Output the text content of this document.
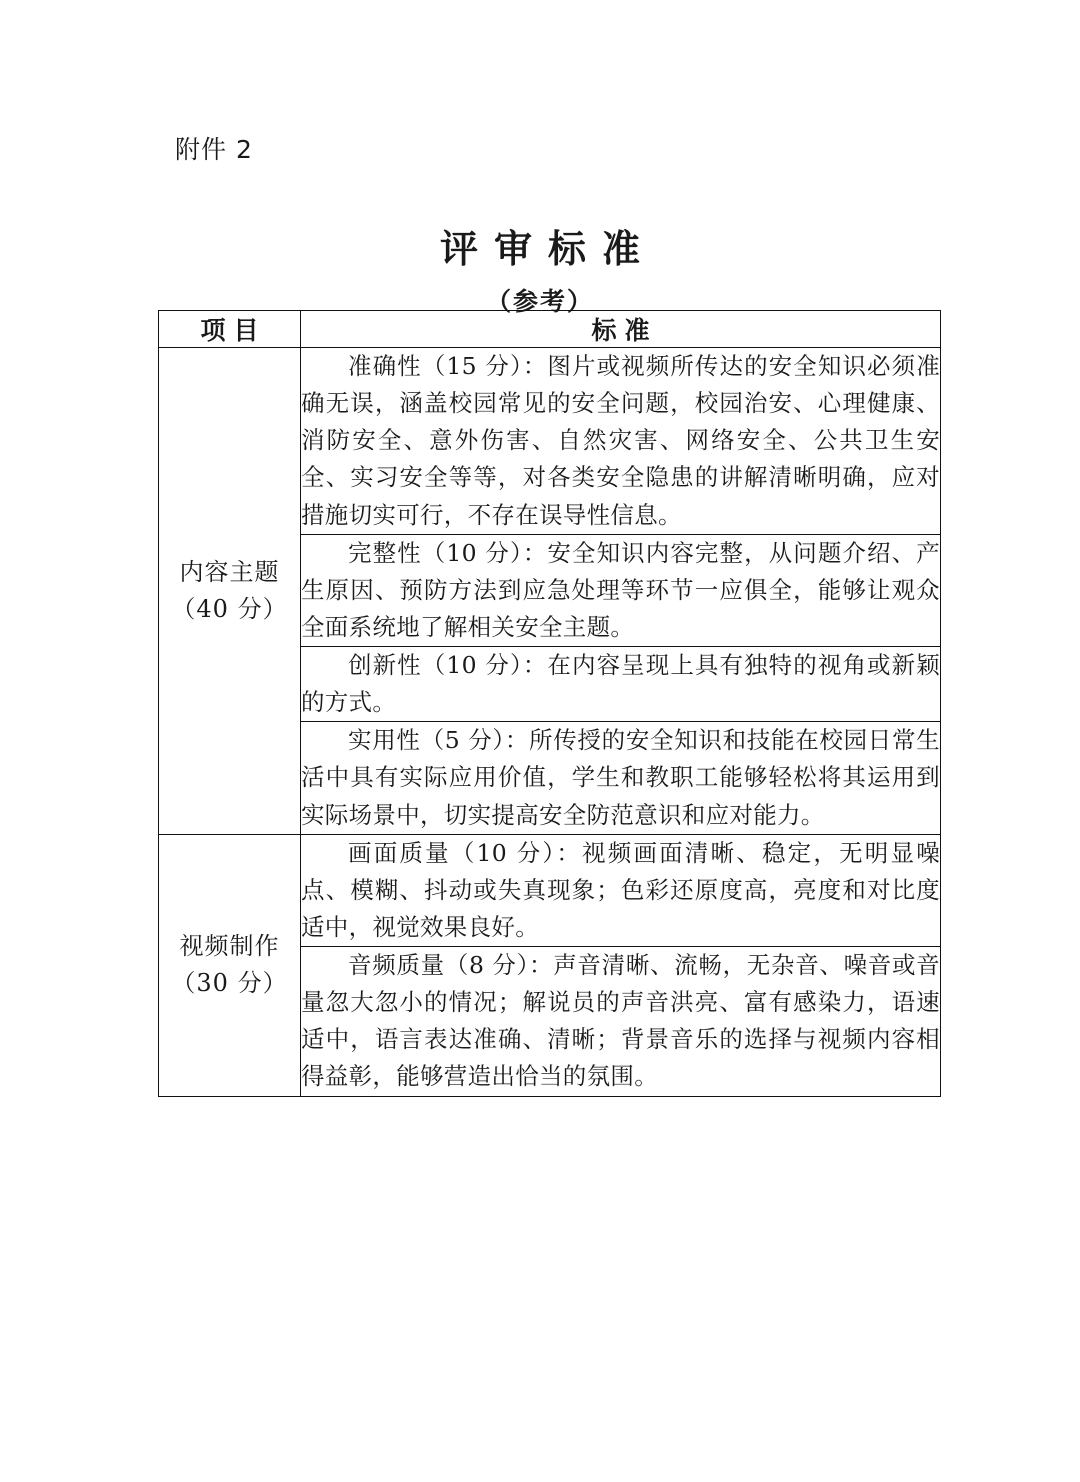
附件 2
评审标准
（参考）
项目	标准
内容主题
（40 分）	准确性（15 分）：图片或视频所传达的安全知识必须准确无误，涵盖校园常见的安全问题，校园治安、心理健康、消防安全、意外伤害、自然灾害、网络安全、公共卫生安全、实习安全等等，对各类安全隐患的讲解清晰明确，应对措施切实可行，不存在误导性信息。
	完整性（10 分）：安全知识内容完整，从问题介绍、产生原因、预防方法到应急处理等环节一应俱全，能够让观众全面系统地了解相关安全主题。
	创新性（10 分）：在内容呈现上具有独特的视角或新颖的方式。
	实用性（5 分）：所传授的安全知识和技能在校园日常生活中具有实际应用价值，学生和教职工能够轻松将其运用到实际场景中，切实提高安全防范意识和应对能力。
视频制作
（30 分）	画面质量（10 分）：视频画面清晰、稳定，无明显噪点、模糊、抖动或失真现象；色彩还原度高，亮度和对比度适中，视觉效果良好。
	音频质量（8 分）：声音清晰、流畅，无杂音、噪音或音量忽大忽小的情况；解说员的声音洪亮、富有感染力，语速适中，语言表达准确、清晰；背景音乐的选择与视频内容相得益彰，能够营造出恰当的氛围。
